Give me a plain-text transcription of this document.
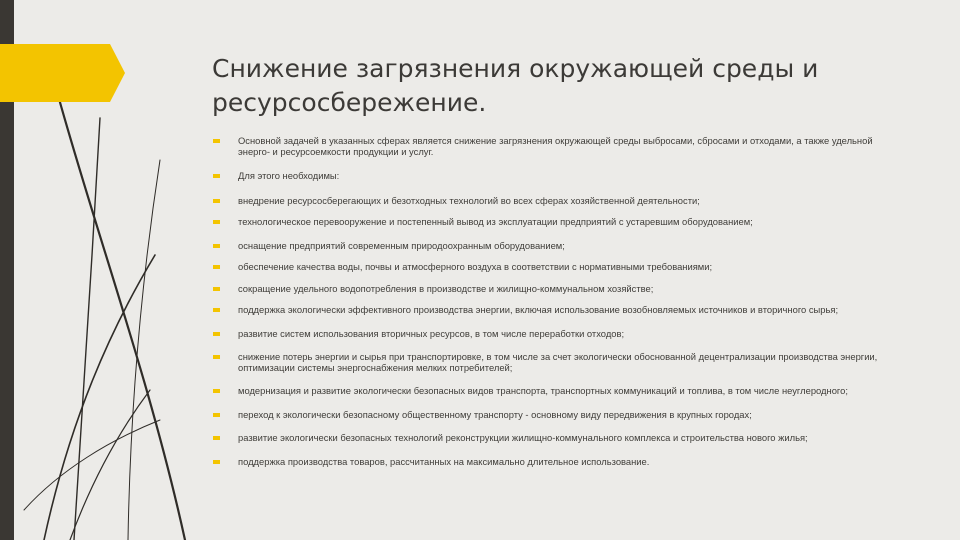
Снижение загрязнения окружающей среды и ресурсосбережение.
Основной задачей в указанных сферах является снижение загрязнения окружающей среды выбросами, сбросами и отходами, а также удельной энерго- и ресурсоемкости продукции и услуг.
Для этого необходимы:
внедрение ресурсосберегающих и безотходных технологий во всех сферах хозяйственной деятельности;
технологическое перевооружение и постепенный вывод из эксплуатации предприятий с устаревшим оборудованием;
оснащение предприятий современным природоохранным оборудованием;
обеспечение качества воды, почвы и атмосферного воздуха в соответствии с нормативными требованиями;
сокращение удельного водопотребления в производстве и жилищно-коммунальном хозяйстве;
поддержка экологически эффективного производства энергии, включая использование возобновляемых источников и вторичного сырья;
развитие систем использования вторичных ресурсов, в том числе переработки отходов;
снижение потерь энергии и сырья при транспортировке, в том числе за счет экологически обоснованной децентрализации производства энергии, оптимизации системы энергоснабжения мелких потребителей;
модернизация и развитие экологически безопасных видов транспорта, транспортных коммуникаций и топлива, в том числе неуглеродного;
переход к экологически безопасному общественному транспорту - основному виду передвижения в крупных городах;
развитие экологически безопасных технологий реконструкции жилищно-коммунального комплекса и строительства нового жилья;
поддержка производства товаров, рассчитанных на максимально длительное использование.
